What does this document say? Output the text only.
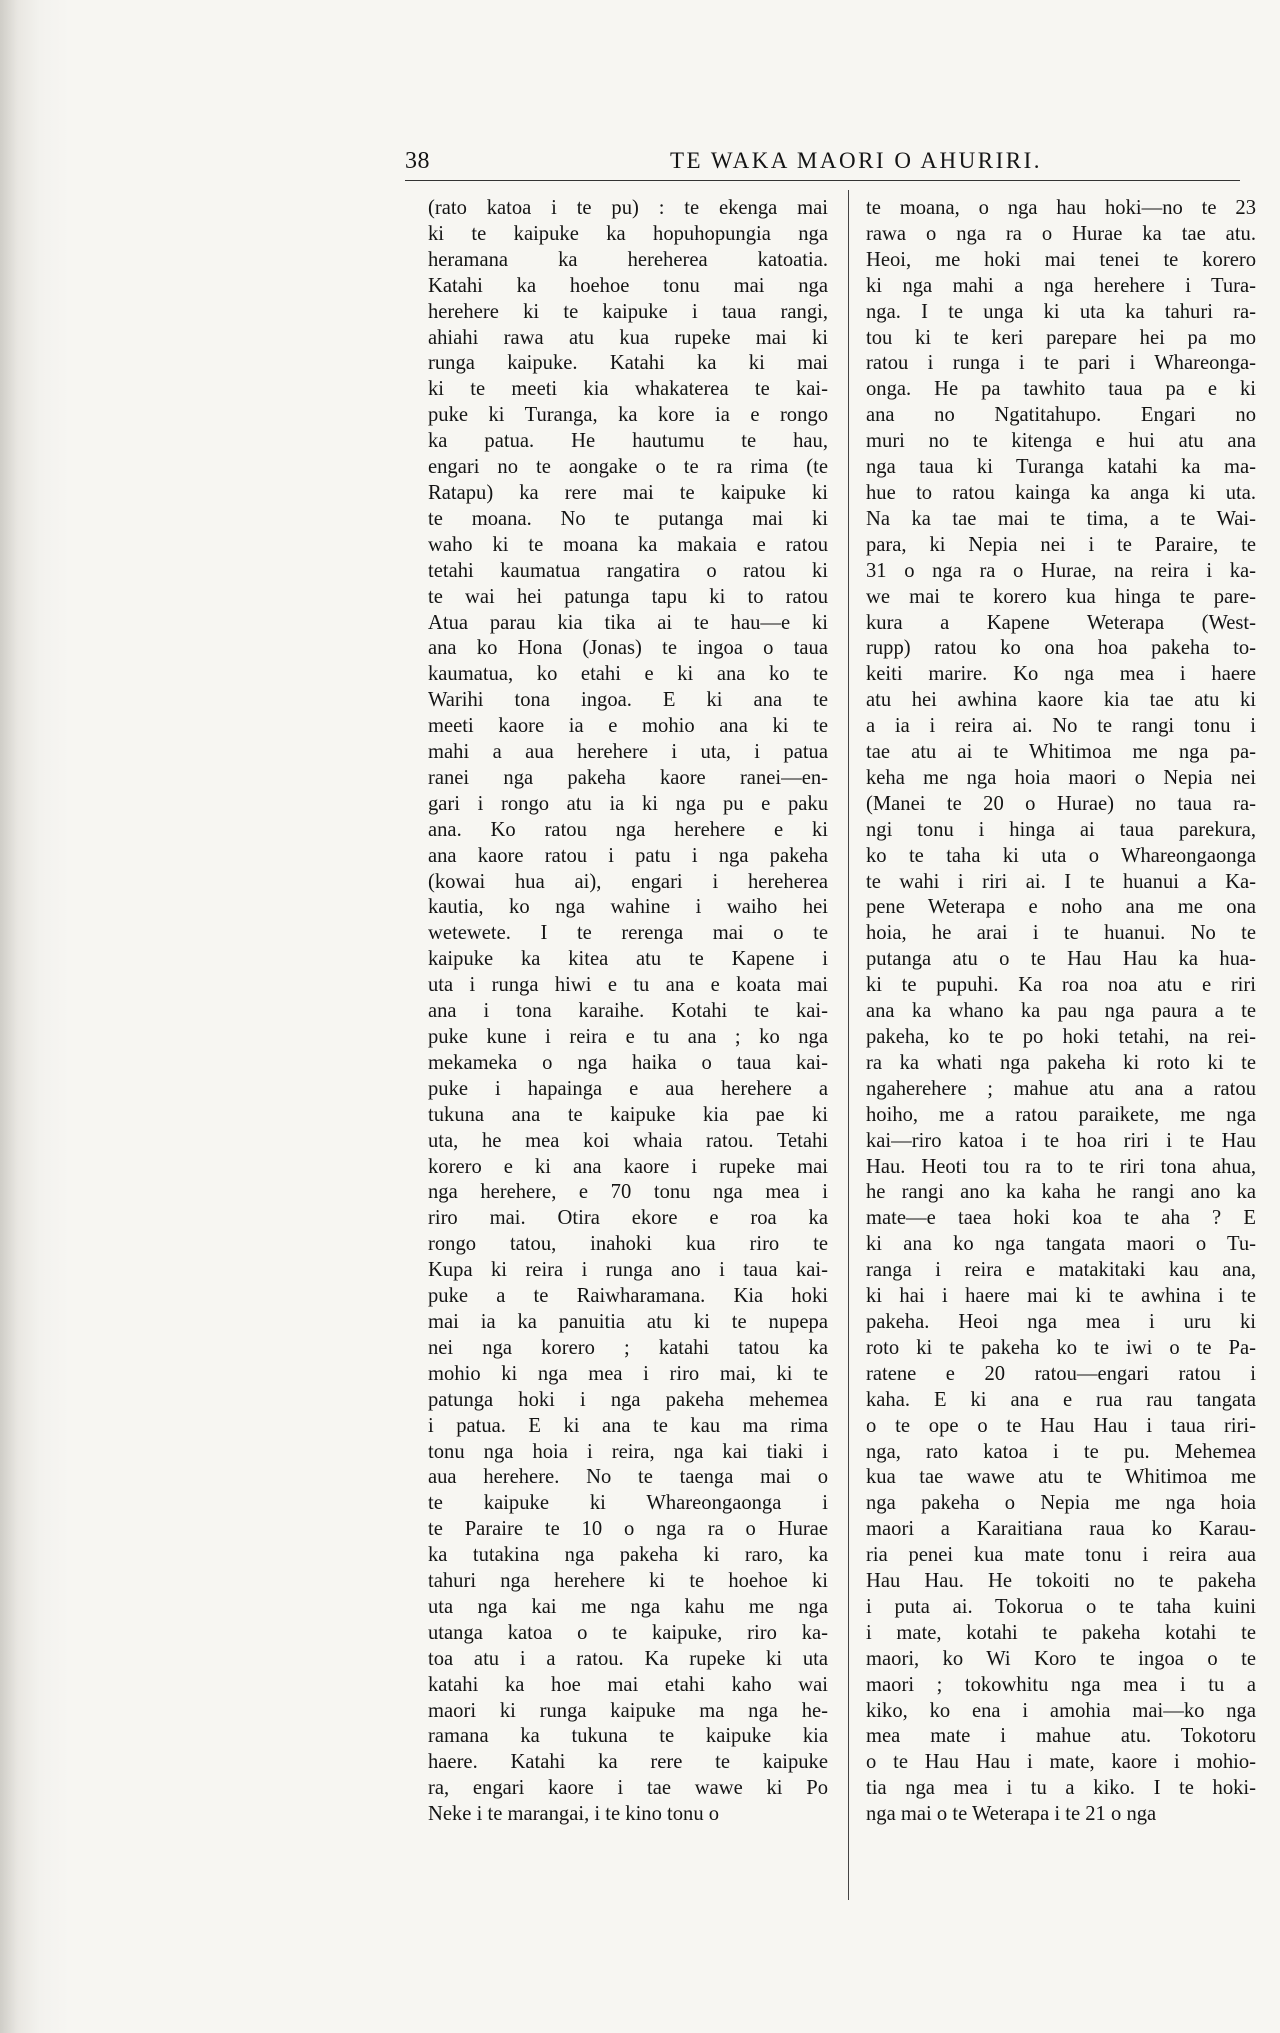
38	TE WAKA MAORI O AHURIRI.
(rato katoa i te pu) : te ekenga mai
ki te kaipuke ka hopuhopungia nga
heramana ka hereherea katoatia.
Katahi ka hoehoe tonu mai nga
herehere ki te kaipuke i taua rangi,
ahiahi rawa atu kua rupeke mai ki
runga kaipuke. Katahi ka ki mai
ki te meeti kia whakaterea te kai-
puke ki Turanga, ka kore ia e rongo
ka patua. He hautumu te hau,
engari no te aongake o te ra rima (te
Ratapu) ka rere mai te kaipuke ki
te moana. No te putanga mai ki
waho ki te moana ka makaia e ratou
tetahi kaumatua rangatira o ratou ki
te wai hei patunga tapu ki to ratou
Atua parau kia tika ai te hau—e ki
ana ko Hona (Jonas) te ingoa o taua
kaumatua, ko etahi e ki ana ko te
Warihi tona ingoa. E ki ana te
meeti kaore ia e mohio ana ki te
mahi a aua herehere i uta, i patua
ranei nga pakeha kaore ranei—en-
gari i rongo atu ia ki nga pu e paku
ana. Ko ratou nga herehere e ki
ana kaore ratou i patu i nga pakeha
(kowai hua ai), engari i hereherea
kautia, ko nga wahine i waiho hei
wetewete. I te rerenga mai o te
kaipuke ka kitea atu te Kapene i
uta i runga hiwi e tu ana e koata mai
ana i tona karaihe. Kotahi te kai-
puke kune i reira e tu ana ; ko nga
mekameka o nga haika o taua kai-
puke i hapainga e aua herehere a
tukuna ana te kaipuke kia pae ki
uta, he mea koi whaia ratou. Tetahi
korero e ki ana kaore i rupeke mai
nga herehere, e 70 tonu nga mea i
riro mai. Otira ekore e roa ka
rongo tatou, inahoki kua riro te
Kupa ki reira i runga ano i taua kai-
puke a te Raiwharamana. Kia hoki
mai ia ka panuitia atu ki te nupepa
nei nga korero ; katahi tatou ka
mohio ki nga mea i riro mai, ki te
patunga hoki i nga pakeha mehemea
i patua. E ki ana te kau ma rima
tonu nga hoia i reira, nga kai tiaki i
aua herehere. No te taenga mai o
te kaipuke ki Whareongaonga i
te Paraire te 10 o nga ra o Hurae
ka tutakina nga pakeha ki raro, ka
tahuri nga herehere ki te hoehoe ki
uta nga kai me nga kahu me nga
utanga katoa o te kaipuke, riro ka-
toa atu i a ratou. Ka rupeke ki uta
katahi ka hoe mai etahi kaho wai
maori ki runga kaipuke ma nga he-
ramana ka tukuna te kaipuke kia
haere. Katahi ka rere te kaipuke
ra, engari kaore i tae wawe ki Po
Neke i te marangai, i te kino tonu o
te moana, o nga hau hoki—no te 23
rawa o nga ra o Hurae ka tae atu.
Heoi, me hoki mai tenei te korero
ki nga mahi a nga herehere i Tura-
nga. I te unga ki uta ka tahuri ra-
tou ki te keri parepare hei pa mo
ratou i runga i te pari i Whareonga-
onga. He pa tawhito taua pa e ki
ana no Ngatitahupo. Engari no
muri no te kitenga e hui atu ana
nga taua ki Turanga katahi ka ma-
hue to ratou kainga ka anga ki uta.
Na ka tae mai te tima, a te Wai-
para, ki Nepia nei i te Paraire, te
31 o nga ra o Hurae, na reira i ka-
we mai te korero kua hinga te pare-
kura a Kapene Weterapa (West-
rupp) ratou ko ona hoa pakeha to-
keiti marire. Ko nga mea i haere
atu hei awhina kaore kia tae atu ki
a ia i reira ai. No te rangi tonu i
tae atu ai te Whitimoa me nga pa-
keha me nga hoia maori o Nepia nei
(Manei te 20 o Hurae) no taua ra-
ngi tonu i hinga ai taua parekura,
ko te taha ki uta o Whareongaonga
te wahi i riri ai. I te huanui a Ka-
pene Weterapa e noho ana me ona
hoia, he arai i te huanui. No te
putanga atu o te Hau Hau ka hua-
ki te pupuhi. Ka roa noa atu e riri
ana ka whano ka pau nga paura a te
pakeha, ko te po hoki tetahi, na rei-
ra ka whati nga pakeha ki roto ki te
ngaherehere ; mahue atu ana a ratou
hoiho, me a ratou paraikete, me nga
kai—riro katoa i te hoa riri i te Hau
Hau. Heoti tou ra to te riri tona ahua,
he rangi ano ka kaha he rangi ano ka
mate—e taea hoki koa te aha ? E
ki ana ko nga tangata maori o Tu-
ranga i reira e matakitaki kau ana,
ki hai i haere mai ki te awhina i te
pakeha. Heoi nga mea i uru ki
roto ki te pakeha ko te iwi o te Pa-
ratene e 20 ratou—engari ratou i
kaha. E ki ana e rua rau tangata
o te ope o te Hau Hau i taua riri-
nga, rato katoa i te pu. Mehemea
kua tae wawe atu te Whitimoa me
nga pakeha o Nepia me nga hoia
maori a Karaitiana raua ko Karau-
ria penei kua mate tonu i reira aua
Hau Hau. He tokoiti no te pakeha
i puta ai. Tokorua o te taha kuini
i mate, kotahi te pakeha kotahi te
maori, ko Wi Koro te ingoa o te
maori ; tokowhitu nga mea i tu a
kiko, ko ena i amohia mai—ko nga
mea mate i mahue atu. Tokotoru
o te Hau Hau i mate, kaore i mohio-
tia nga mea i tu a kiko. I te hoki-
nga mai o te Weterapa i te 21 o nga
